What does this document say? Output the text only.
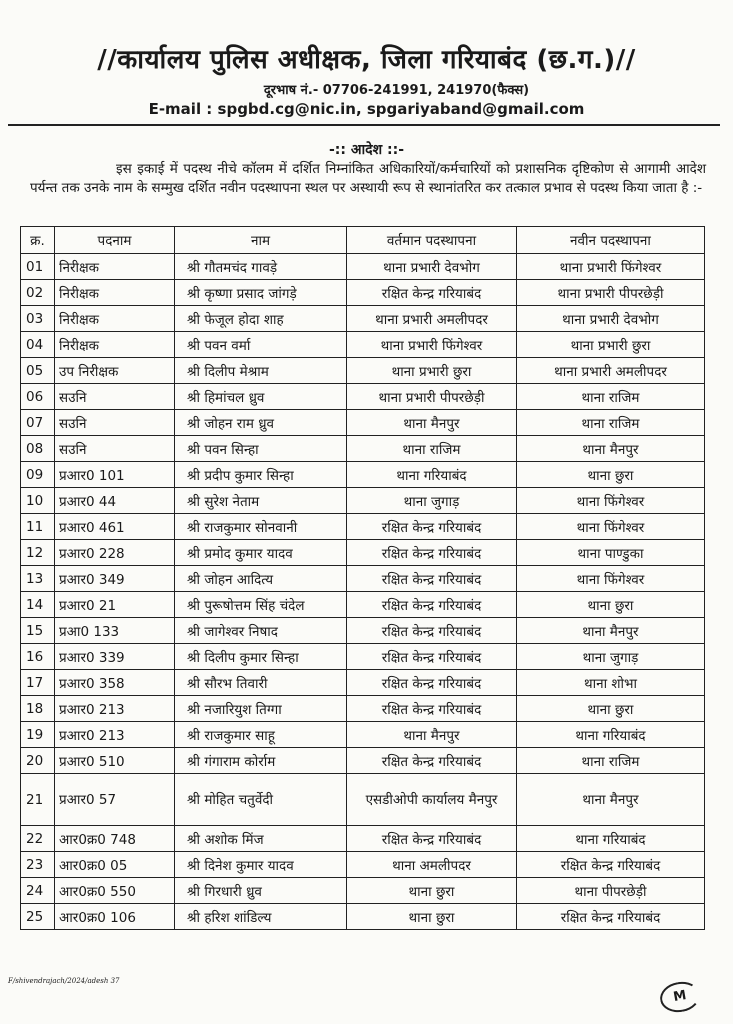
//कार्यालय पुलिस अधीक्षक, जिला गरियाबंद (छ.ग.)//
दूरभाष नं.- 07706-241991, 241970(फैक्स)
E-mail : spgbd.cg@nic.in, spgariyaband@gmail.com
-:: आदेश ::-
इस इकाई में पदस्थ नीचे कॉलम में दर्शित निम्नांकित अधिकारियों/कर्मचारियों को प्रशासनिक दृष्टिकोण से आगामी आदेश पर्यन्त तक उनके नाम के सम्मुख दर्शित नवीन पदस्थापना स्थल पर अस्थायी रूप से स्थानांतरित कर तत्काल प्रभाव से पदस्थ किया जाता है :-
क्र.	पदनाम	नाम	वर्तमान पदस्थापना	नवीन पदस्थापना
01	निरीक्षक	श्री गौतमचंद गावड़े	थाना प्रभारी देवभोग	थाना प्रभारी फिंगेश्वर
02	निरीक्षक	श्री कृष्णा प्रसाद जांगड़े	रक्षित केन्द्र गरियाबंद	थाना प्रभारी पीपरछेड़ी
03	निरीक्षक	श्री फेजूल होदा शाह	थाना प्रभारी अमलीपदर	थाना प्रभारी देवभोग
04	निरीक्षक	श्री पवन वर्मा	थाना प्रभारी फिंगेश्वर	थाना प्रभारी छुरा
05	उप निरीक्षक	श्री दिलीप मेश्राम	थाना प्रभारी छुरा	थाना प्रभारी अमलीपदर
06	सउनि	श्री हिमांचल ध्रुव	थाना प्रभारी पीपरछेड़ी	थाना राजिम
07	सउनि	श्री जोहन राम ध्रुव	थाना मैनपुर	थाना राजिम
08	सउनि	श्री पवन सिन्हा	थाना राजिम	थाना मैनपुर
09	प्रआर0 101	श्री प्रदीप कुमार सिन्हा	थाना गरियाबंद	थाना छुरा
10	प्रआर0 44	श्री सुरेश नेताम	थाना जुगाड़	थाना फिंगेश्वर
11	प्रआर0 461	श्री राजकुमार सोनवानी	रक्षित केन्द्र गरियाबंद	थाना फिंगेश्वर
12	प्रआर0 228	श्री प्रमोद कुमार यादव	रक्षित केन्द्र गरियाबंद	थाना पाण्डुका
13	प्रआर0 349	श्री जोहन आदित्य	रक्षित केन्द्र गरियाबंद	थाना फिंगेश्वर
14	प्रआर0 21	श्री पुरूषोत्तम सिंह चंदेल	रक्षित केन्द्र गरियाबंद	थाना छुरा
15	प्रआ0 133	श्री जागेश्वर निषाद	रक्षित केन्द्र गरियाबंद	थाना मैनपुर
16	प्रआर0 339	श्री दिलीप कुमार सिन्हा	रक्षित केन्द्र गरियाबंद	थाना जुगाड़
17	प्रआर0 358	श्री सौरभ तिवारी	रक्षित केन्द्र गरियाबंद	थाना शोभा
18	प्रआर0 213	श्री नजारियुश तिग्गा	रक्षित केन्द्र गरियाबंद	थाना छुरा
19	प्रआर0 213	श्री राजकुमार साहू	थाना मैनपुर	थाना गरियाबंद
20	प्रआर0 510	श्री गंगाराम कोर्राम	रक्षित केन्द्र गरियाबंद	थाना राजिम
21	प्रआर0 57	श्री मोहित चतुर्वेदी	एसडीओपी कार्यालय मैनपुर	थाना मैनपुर
22	आर0क्र0 748	श्री अशोक मिंज	रक्षित केन्द्र गरियाबंद	थाना गरियाबंद
23	आर0क्र0 05	श्री दिनेश कुमार यादव	थाना अमलीपदर	रक्षित केन्द्र गरियाबंद
24	आर0क्र0 550	श्री गिरधारी ध्रुव	थाना छुरा	थाना पीपरछेड़ी
25	आर0क्र0 106	श्री हरिश शांडिल्य	थाना छुरा	रक्षित केन्द्र गरियाबंद
F/shivendrajach/2024/adesh 37
M
